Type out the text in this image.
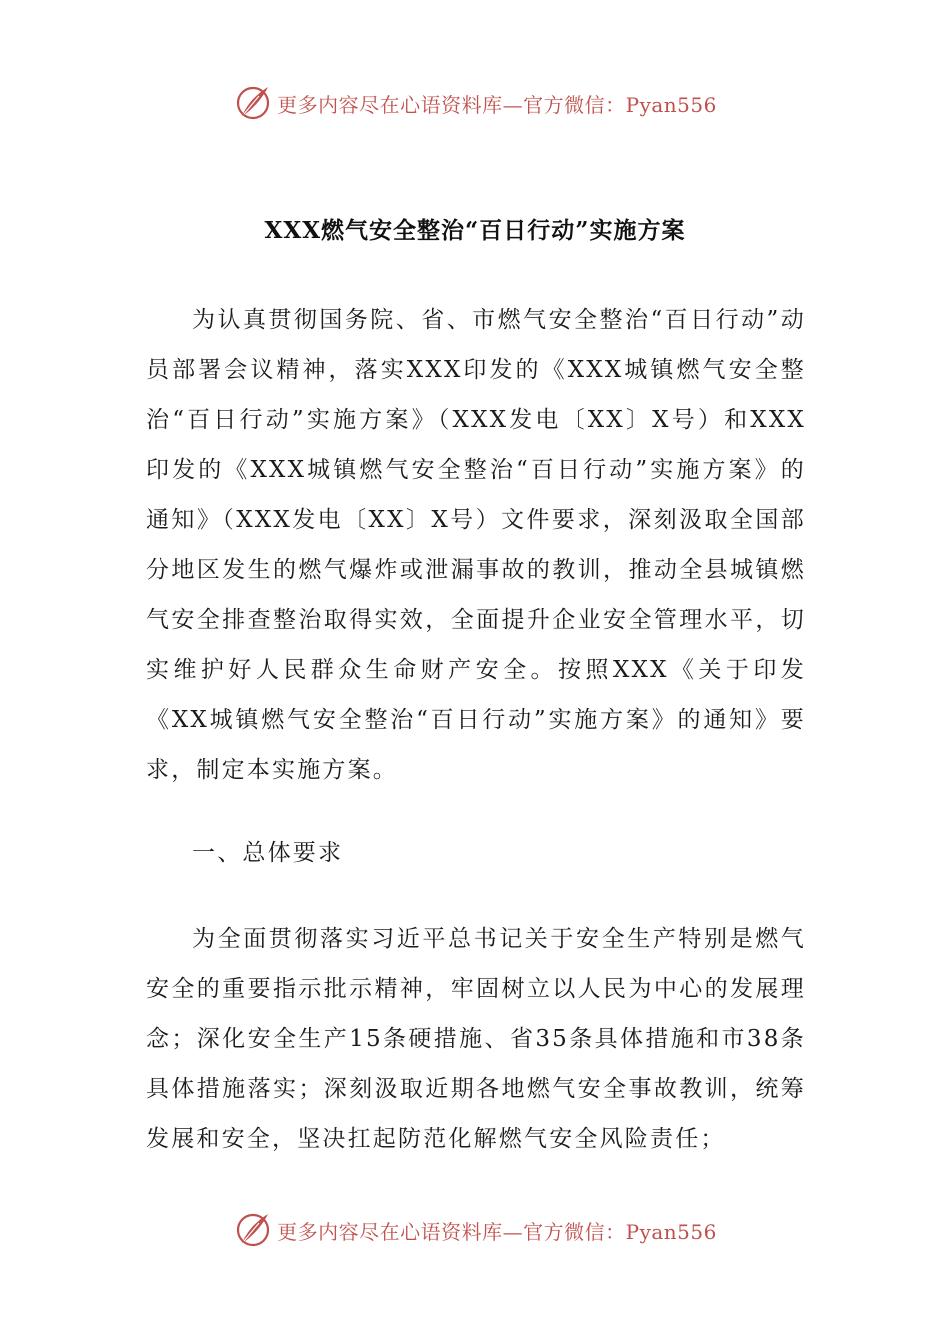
更多内容尽在心语资料库—官方微信：Pyan556
XXX燃气安全整治“百日行动”实施方案

为认真贯彻国务院、省、市燃气安全整治“百日行动”动员部署会议精神，落实XXX印发的《XXX城镇燃气安全整治“百日行动”实施方案》（XXX发电〔XX〕X号）和XXX印发的《XXX城镇燃气安全整治“百日行动”实施方案》的通知》（XXX发电〔XX〕X号）文件要求，深刻汲取全国部分地区发生的燃气爆炸或泄漏事故的教训，推动全县城镇燃气安全排查整治取得实效，全面提升企业安全管理水平，切实维护好人民群众生命财产安全。按照XXX《关于印发《XX城镇燃气安全整治“百日行动”实施方案》的通知》要求，制定本实施方案。

一、总体要求

为全面贯彻落实习近平总书记关于安全生产特别是燃气安全的重要指示批示精神，牢固树立以人民为中心的发展理念；深化安全生产15条硬措施、省35条具体措施和市38条具体措施落实；深刻汲取近期各地燃气安全事故教训，统筹发展和安全，坚决扛起防范化解燃气安全风险责任；

更多内容尽在心语资料库—官方微信：Pyan556
